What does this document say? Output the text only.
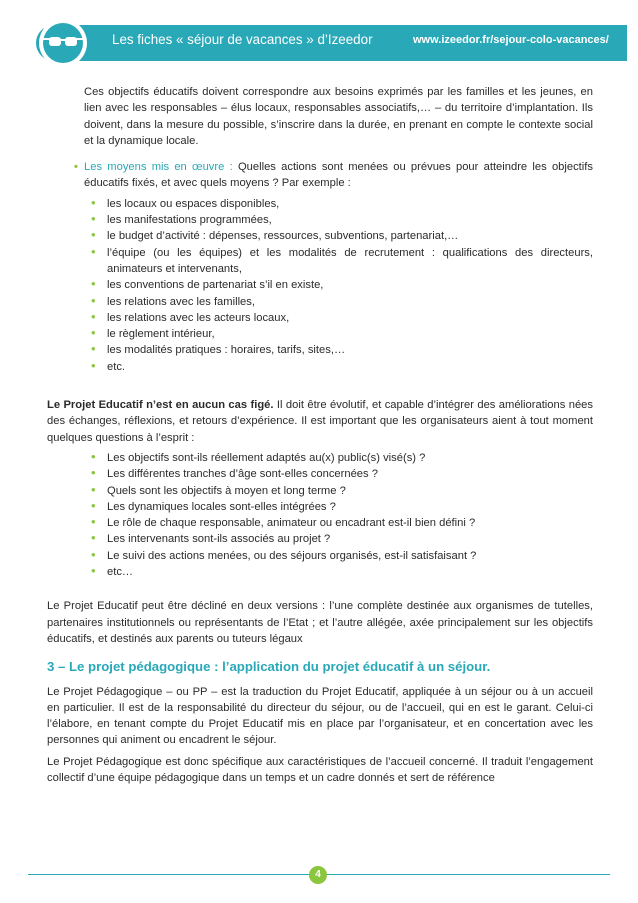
Les fiches « séjour de vacances » d’Izeedor	www.izeedor.fr/sejour-colo-vacances/

Ces objectifs éducatifs doivent correspondre aux besoins exprimés par les familles et les jeunes, en lien avec les responsables – élus locaux, responsables associatifs,… – du territoire d’implantation. Ils doivent, dans la mesure du possible, s’inscrire dans la durée, en prenant en compte le contexte social et la dynamique locale.

• Les moyens mis en œuvre : Quelles actions sont menées ou prévues pour atteindre les objectifs éducatifs fixés, et avec quels moyens ? Par exemple :

• les locaux ou espaces disponibles,
• les manifestations programmées,
• le budget d’activité : dépenses, ressources, subventions, partenariat,…
• l’équipe (ou les équipes) et les modalités de recrutement : qualifications des directeurs, animateurs et intervenants,
• les conventions de partenariat s’il en existe,
• les relations avec les familles,
• les relations avec les acteurs locaux,
• le règlement intérieur,
• les modalités pratiques : horaires, tarifs, sites,…
• etc.

Le Projet Educatif n’est en aucun cas figé. Il doit être évolutif, et capable d’intégrer des améliorations nées des échanges, réflexions, et retours d’expérience. Il est important que les organisateurs aient à tout moment quelques questions à l’esprit :

• Les objectifs sont-ils réellement adaptés au(x) public(s) visé(s) ?
• Les différentes tranches d’âge sont-elles concernées ?
• Quels sont les objectifs à moyen et long terme ?
• Les dynamiques locales sont-elles intégrées ?
• Le rôle de chaque responsable, animateur ou encadrant est-il bien défini ?
• Les intervenants sont-ils associés au projet ?
• Le suivi des actions menées, ou des séjours organisés, est-il satisfaisant ?
• etc…

Le Projet Educatif peut être décliné en deux versions : l’une complète destinée aux organismes de tutelles, partenaires institutionnels ou représentants de l’Etat ; et l’autre allégée, axée principalement sur les objectifs éducatifs, et destinés aux parents ou tuteurs légaux

3 – Le projet pédagogique : l’application du projet éducatif à un séjour.

Le Projet Pédagogique – ou PP – est la traduction du Projet Educatif, appliquée à un séjour ou à un accueil en particulier. Il est de la responsabilité du directeur du séjour, ou de l’accueil, qui en est le garant. Celui-ci l’élabore, en tenant compte du Projet Educatif mis en place par l’organisateur, et en concertation avec les personnes qui animent ou encadrent le séjour.

Le Projet Pédagogique est donc spécifique aux caractéristiques de l’accueil concerné. Il traduit l’engagement collectif d’une équipe pédagogique dans un temps et un cadre donnés et sert de référence

4
